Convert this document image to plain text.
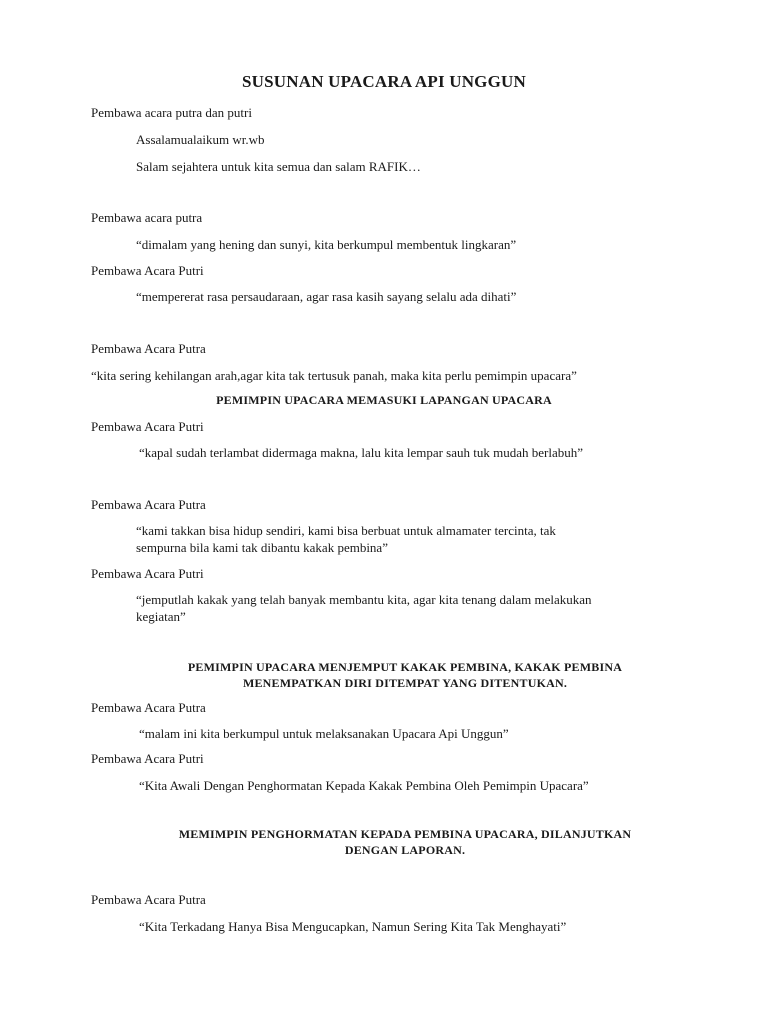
SUSUNAN UPACARA API UNGGUN
Pembawa acara putra dan putri
Assalamualaikum wr.wb
Salam sejahtera untuk kita semua dan salam RAFIK…
Pembawa acara putra
“dimalam yang hening dan sunyi, kita berkumpul membentuk lingkaran”
Pembawa Acara Putri
“mempererat rasa persaudaraan, agar rasa kasih sayang selalu ada dihati”
Pembawa Acara Putra
“kita sering kehilangan arah,agar kita tak tertusuk panah, maka kita perlu pemimpin upacara”
PEMIMPIN UPACARA MEMASUKI LAPANGAN UPACARA
Pembawa Acara Putri
“kapal sudah terlambat didermaga makna, lalu kita lempar sauh tuk mudah berlabuh”
Pembawa Acara Putra
“kami takkan bisa hidup sendiri, kami bisa berbuat untuk almamater tercinta, tak
sempurna bila kami tak dibantu kakak pembina”
Pembawa Acara Putri
“jemputlah kakak yang telah banyak membantu kita, agar kita tenang dalam melakukan
kegiatan”
PEMIMPIN UPACARA MENJEMPUT KAKAK PEMBINA, KAKAK PEMBINA
MENEMPATKAN DIRI DITEMPAT YANG DITENTUKAN.
Pembawa Acara Putra
“malam ini kita berkumpul untuk melaksanakan Upacara Api Unggun”
Pembawa Acara Putri
“Kita Awali Dengan Penghormatan Kepada Kakak Pembina Oleh Pemimpin Upacara”
MEMIMPIN PENGHORMATAN KEPADA PEMBINA UPACARA, DILANJUTKAN
DENGAN LAPORAN.
Pembawa Acara Putra
“Kita Terkadang Hanya Bisa Mengucapkan, Namun Sering Kita Tak Menghayati”
